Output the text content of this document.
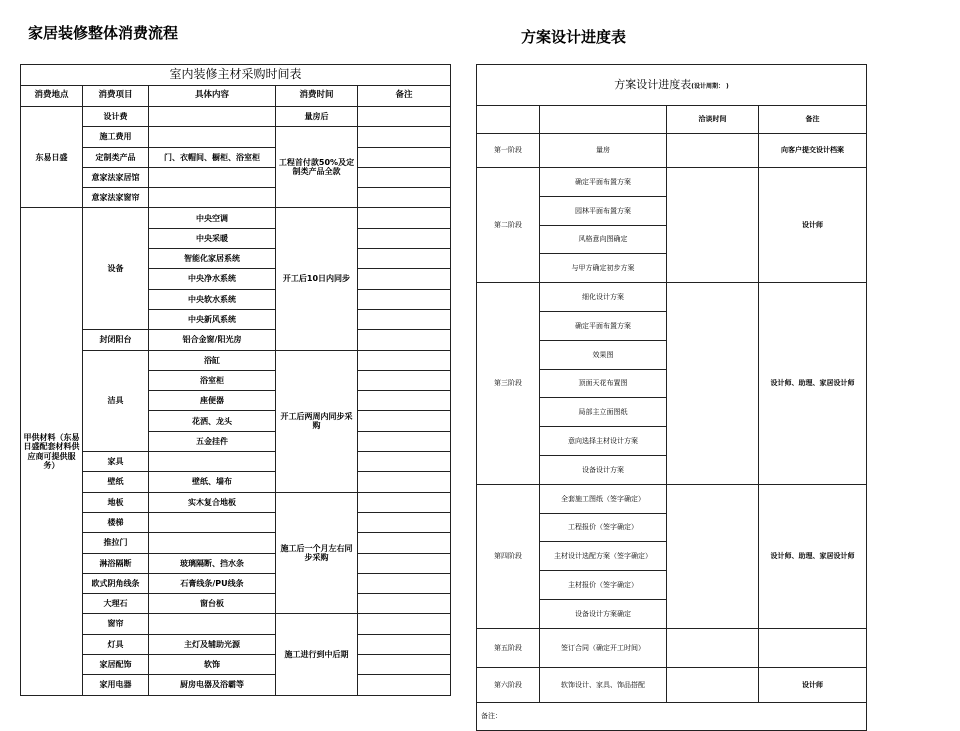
家居装修整体消费流程	方案设计进度表
室内装修主材采购时间表				
消费地点	消费项目	具体内容	消费时间	备注
东易日盛	设计费		量房后	
	施工费用		工程首付款50%及定制类产品全款	
	定制类产品	门、衣帽间、橱柜、浴室柜		
	意家法家居馆			
	意家法家窗帘			
甲供材料（东易日盛配套材料供应商可提供服务）	设备	中央空调	开工后10日内同步	
		中央采暖		
		智能化家居系统		
		中央净水系统		
		中央软水系统		
		中央新风系统		
	封闭阳台	铝合金窗/阳光房		
	洁具	浴缸	开工后两周内同步采购	
		浴室柜		
		座便器		
		花洒、龙头		
		五金挂件		
	家具			
	壁纸	壁纸、墙布		
	地板	实木复合地板	施工后一个月左右同步采购	
	楼梯			
	推拉门			
	淋浴隔断	玻璃隔断、挡水条		
	欧式阴角线条	石膏线条/PU线条		
	大理石	窗台板		
	窗帘		施工进行到中后期	
	灯具	主灯及辅助光源		
	家居配饰	软饰		
	家用电器	厨房电器及浴霸等		
方案设计进度表(设计周期： )			
		洽谈时间	备注
第一阶段	量房		向客户提交设计档案
第二阶段	确定平面布置方案		设计师
	园林平面布置方案		
	风格意向图确定		
	与甲方确定初步方案		
第三阶段	细化设计方案		设计师、助理、家居设计师
	确定平面布置方案		
	效果图		
	顶面天花布置图		
	局部主立面图纸		
	意向选择主材设计方案		
	设备设计方案		
第四阶段	全套施工图纸（签字确定）		设计师、助理、家居设计师
	工程报价（签字确定）		
	主材设计选配方案（签字确定）		
	主材报价（签字确定）		
	设备设计方案确定		
第五阶段	签订合同（确定开工时间）		
第六阶段	软饰设计、家具、饰品搭配		设计师
备注：			
